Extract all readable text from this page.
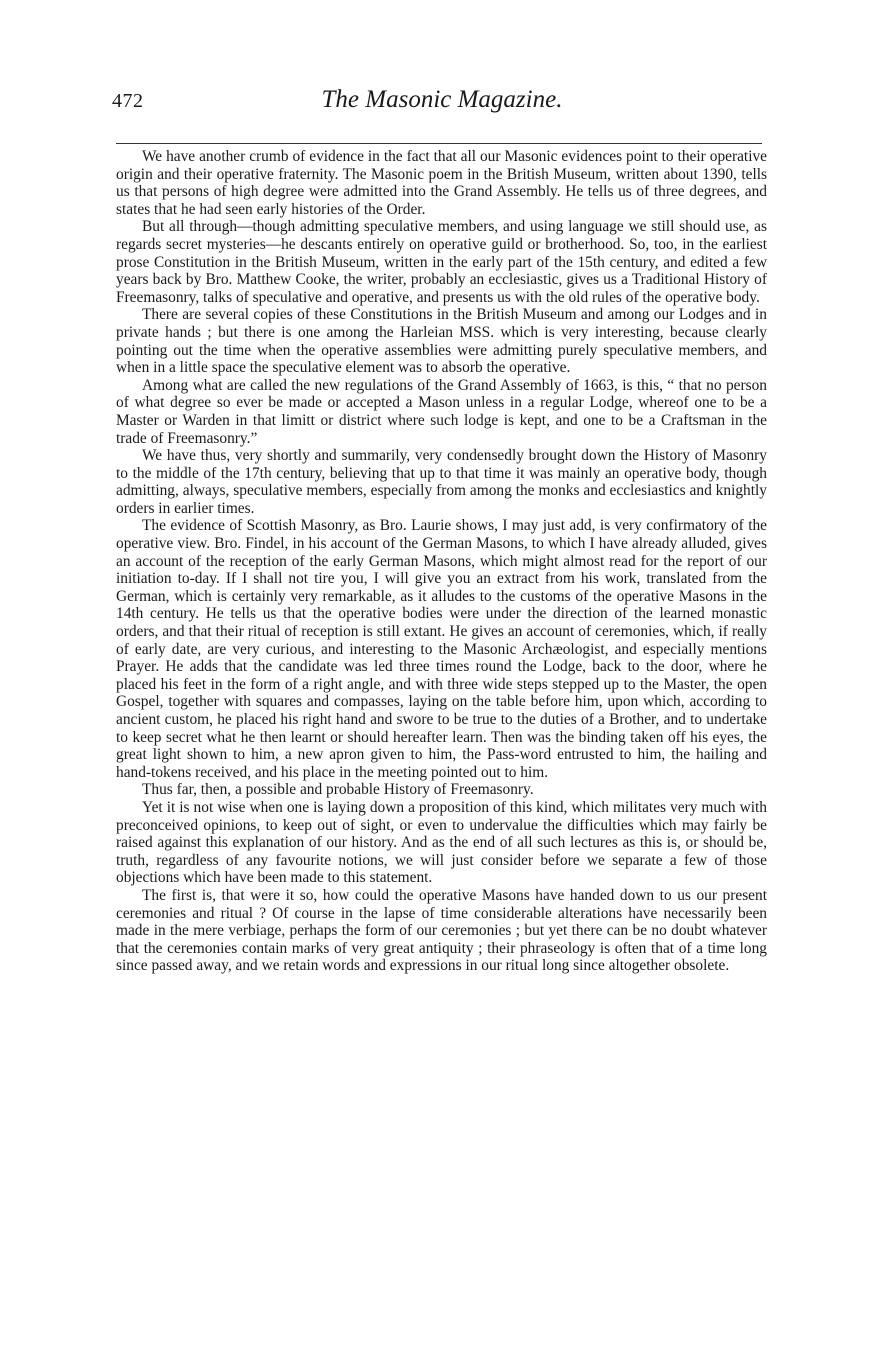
472	The Masonic Magazine.

We have another crumb of evidence in the fact that all our Masonic evidences point to their operative origin and their operative fraternity. The Masonic poem in the British Museum, written about 1390, tells us that persons of high degree were admitted into the Grand Assembly. He tells us of three degrees, and states that he had seen early histories of the Order.

But all through—though admitting speculative members, and using language we still should use, as regards secret mysteries—he descants entirely on operative guild or brotherhood. So, too, in the earliest prose Constitution in the British Museum, written in the early part of the 15th century, and edited a few years back by Bro. Matthew Cooke, the writer, probably an ecclesiastic, gives us a Traditional History of Freemasonry, talks of speculative and operative, and presents us with the old rules of the operative body.

There are several copies of these Constitutions in the British Museum and among our Lodges and in private hands ; but there is one among the Harleian MSS. which is very interesting, because clearly pointing out the time when the operative assemblies were admitting purely speculative members, and when in a little space the speculative element was to absorb the operative.

Among what are called the new regulations of the Grand Assembly of 1663, is this, “ that no person of what degree so ever be made or accepted a Mason unless in a regular Lodge, whereof one to be a Master or Warden in that limitt or district where such lodge is kept, and one to be a Craftsman in the trade of Freemasonry.”

We have thus, very shortly and summarily, very condensedly brought down the History of Masonry to the middle of the 17th century, believing that up to that time it was mainly an operative body, though admitting, always, speculative members, especially from among the monks and ecclesiastics and knightly orders in earlier times.

The evidence of Scottish Masonry, as Bro. Laurie shows, I may just add, is very confirmatory of the operative view. Bro. Findel, in his account of the German Masons, to which I have already alluded, gives an account of the reception of the early German Masons, which might almost read for the report of our initiation to-day. If I shall not tire you, I will give you an extract from his work, translated from the German, which is certainly very remarkable, as it alludes to the customs of the operative Masons in the 14th century. He tells us that the operative bodies were under the direction of the learned monastic orders, and that their ritual of reception is still extant. He gives an account of ceremonies, which, if really of early date, are very curious, and interesting to the Masonic Archæologist, and especially mentions Prayer. He adds that the candidate was led three times round the Lodge, back to the door, where he placed his feet in the form of a right angle, and with three wide steps stepped up to the Master, the open Gospel, together with squares and compasses, laying on the table before him, upon which, according to ancient custom, he placed his right hand and swore to be true to the duties of a Brother, and to undertake to keep secret what he then learnt or should hereafter learn. Then was the binding taken off his eyes, the great light shown to him, a new apron given to him, the Pass-word entrusted to him, the hailing and hand-tokens received, and his place in the meeting pointed out to him.

Thus far, then, a possible and probable History of Freemasonry.

Yet it is not wise when one is laying down a proposition of this kind, which militates very much with preconceived opinions, to keep out of sight, or even to undervalue the difficulties which may fairly be raised against this explanation of our history. And as the end of all such lectures as this is, or should be, truth, regardless of any favourite notions, we will just consider before we separate a few of those objections which have been made to this statement.

The first is, that were it so, how could the operative Masons have handed down to us our present ceremonies and ritual ? Of course in the lapse of time considerable alterations have necessarily been made in the mere verbiage, perhaps the form of our ceremonies ; but yet there can be no doubt whatever that the ceremonies contain marks of very great antiquity ; their phraseology is often that of a time long since passed away, and we retain words and expressions in our ritual long since altogether obsolete.
